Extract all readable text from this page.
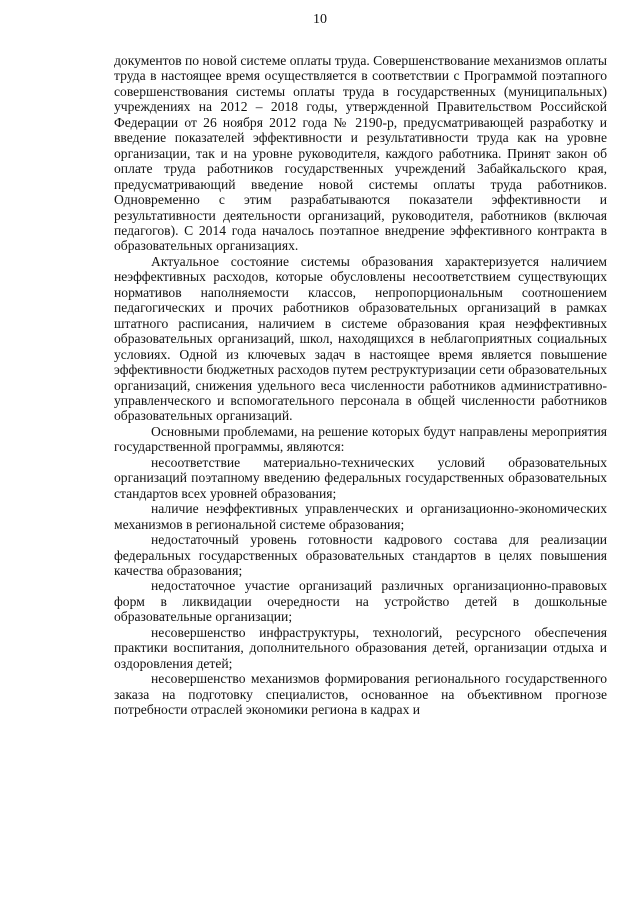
10

документов по новой системе оплаты труда. Совершенствование механизмов оплаты труда в настоящее время осуществляется в соответствии с Программой поэтапного совершенствования системы оплаты труда в государственных (муниципальных) учреждениях на 2012 – 2018 годы, утвержденной Правительством Российской Федерации от 26 ноября 2012 года № 2190-р, предусматривающей разработку и введение показателей эффективности и результативности труда как на уровне организации, так и на уровне руководителя, каждого работника. Принят закон об оплате труда работников государственных учреждений Забайкальского края, предусматривающий введение новой системы оплаты труда работников. Одновременно с этим разрабатываются показатели эффективности и результативности деятельности организаций, руководителя, работников (включая педагогов). С 2014 года началось поэтапное внедрение эффективного контракта в образовательных организациях.

Актуальное состояние системы образования характеризуется наличием неэффективных расходов, которые обусловлены несоответствием существующих нормативов наполняемости классов, непропорциональным соотношением педагогических и прочих работников образовательных организаций в рамках штатного расписания, наличием в системе образования края неэффективных образовательных организаций, школ, находящихся в неблагоприятных социальных условиях. Одной из ключевых задач в настоящее время является повышение эффективности бюджетных расходов путем реструктуризации сети образовательных организаций, снижения удельного веса численности работников административно-управленческого и вспомогательного персонала в общей численности работников образовательных организаций.

Основными проблемами, на решение которых будут направлены мероприятия государственной программы, являются:

несоответствие материально-технических условий образовательных организаций поэтапному введению федеральных государственных образовательных стандартов всех уровней образования;

наличие неэффективных управленческих и организационно-экономических механизмов в региональной системе образования;

недостаточный уровень готовности кадрового состава для реализации федеральных государственных образовательных стандартов в целях повышения качества образования;

недостаточное участие организаций различных организационно-правовых форм в ликвидации очередности на устройство детей в дошкольные образовательные организации;

несовершенство инфраструктуры, технологий, ресурсного обеспечения практики воспитания, дополнительного образования детей, организации отдыха и оздоровления детей;

несовершенство механизмов формирования регионального государственного заказа на подготовку специалистов, основанное на объективном прогнозе потребности отраслей экономики региона в кадрах и
